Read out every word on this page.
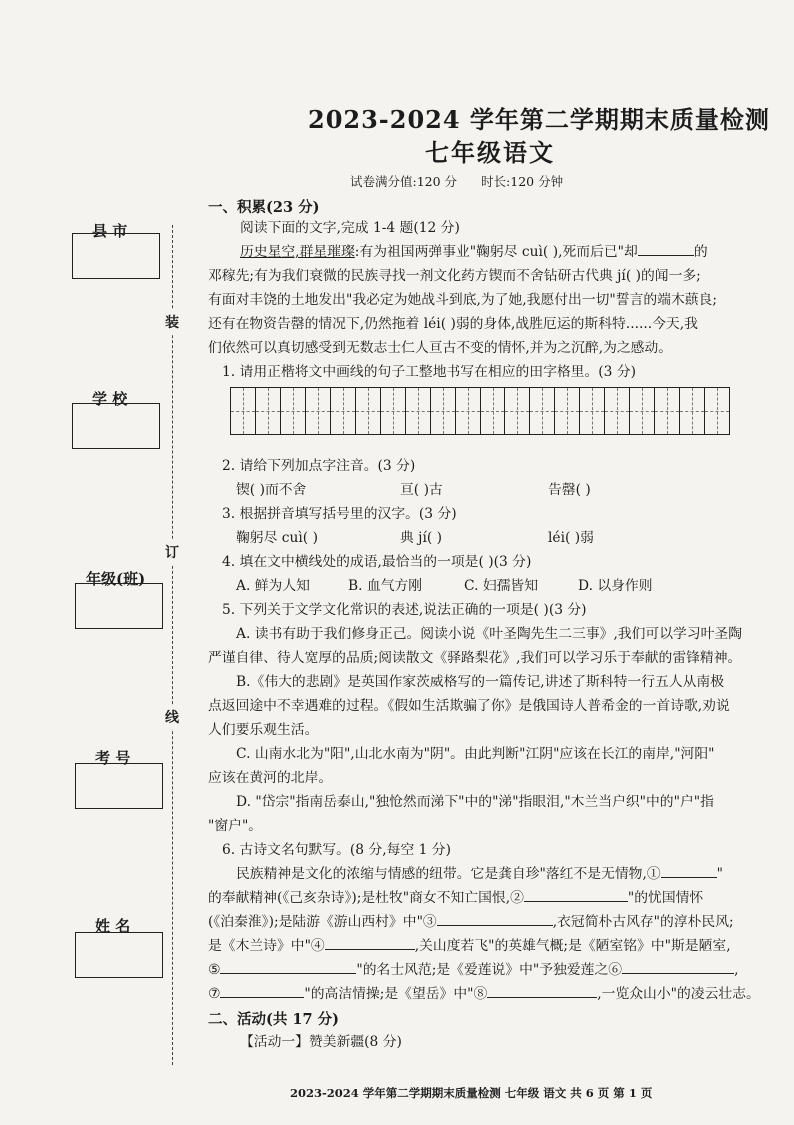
2023-2024 学年第二学期期末质量检测
七年级语文
试卷满分值:120 分 时长:120 分钟
县 市
学 校
年级(班)
考 号
姓 名
装
订
线
一、积累(23 分)
阅读下面的文字,完成 1-4 题(12 分)
历史星空,群星璀璨:有为祖国两弹事业"鞠躬尽 cuì( ),死而后已"却	的
邓稼先;有为我们衰微的民族寻找一剂文化药方锲而不舍钻研古代典 jí( )的闻一多;
有面对丰饶的土地发出"我必定为她战斗到底,为了她,我愿付出一切"誓言的端木蕻良;
还有在物资告罄的情况下,仍然拖着 léi( )弱的身体,战胜厄运的斯科特......今天,我
们依然可以真切感受到无数志士仁人亘古不变的情怀,并为之沉醉,为之感动。
1. 请用正楷将文中画线的句子工整地书写在相应的田字格里。(3 分)
2. 请给下列加点字注音。(3 分)
锲( )而不舍	亘( )古	告罄( )
3. 根据拼音填写括号里的汉字。(3 分)
鞠躬尽 cuì( )	典 jí( )	léi( )弱
4. 填在文中横线处的成语,最恰当的一项是( )(3 分)
A. 鲜为人知	B. 血气方刚	C. 妇孺皆知	D. 以身作则
5. 下列关于文学文化常识的表述,说法正确的一项是( )(3 分)
A. 读书有助于我们修身正己。阅读小说《叶圣陶先生二三事》,我们可以学习叶圣陶
严谨自律、待人宽厚的品质;阅读散文《驿路梨花》,我们可以学习乐于奉献的雷锋精神。
B.《伟大的悲剧》是英国作家茨威格写的一篇传记,讲述了斯科特一行五人从南极
点返回途中不幸遇难的过程。《假如生活欺骗了你》是俄国诗人普希金的一首诗歌,劝说
人们要乐观生活。
C. 山南水北为"阳",山北水南为"阴"。由此判断"江阴"应该在长江的南岸,"河阳"
应该在黄河的北岸。
D. "岱宗"指南岳泰山,"独怆然而涕下"中的"涕"指眼泪,"木兰当户织"中的"户"指
"窗户"。
6. 古诗文名句默写。(8 分,每空 1 分)
民族精神是文化的浓缩与情感的纽带。它是龚自珍"落红不是无情物,①	"
的奉献精神(《己亥杂诗》);是杜牧"商女不知亡国恨,②	"的忧国情怀
(《泊秦淮》);是陆游《游山西村》中"③	,衣冠简朴古风存"的淳朴民风;
是《木兰诗》中"④	,关山度若飞"的英雄气概;是《陋室铭》中"斯是陋室,
⑤	"的名士风范;是《爱莲说》中"予独爱莲之⑥	,
⑦	"的高洁情操;是《望岳》中"⑧	,一览众山小"的凌云壮志。
二、活动(共 17 分)
【活动一】赞美新疆(8 分)
2023-2024 学年第二学期期末质量检测 七年级 语文 共 6 页 第 1 页
